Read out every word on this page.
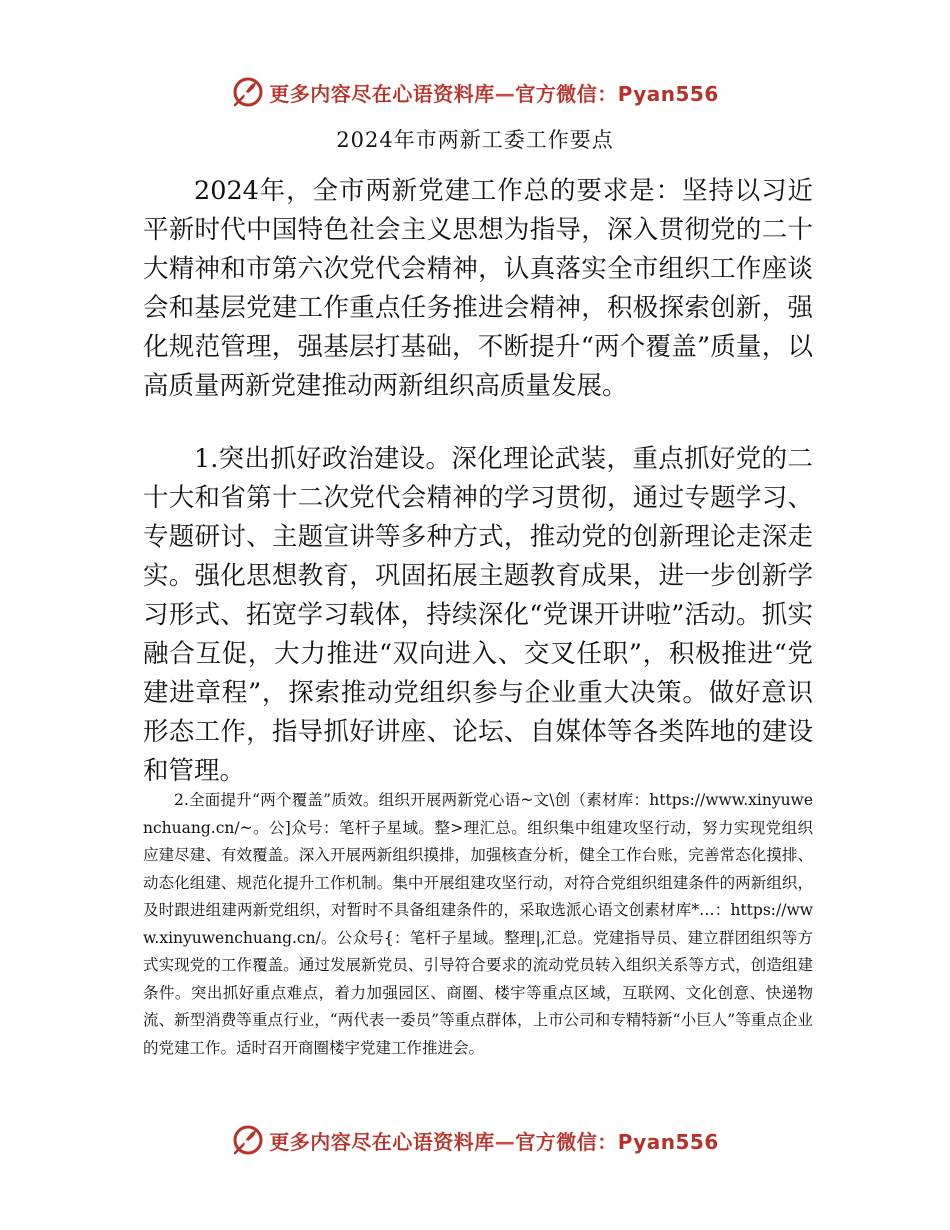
更多内容尽在心语资料库—官方微信：Pyan556
2024年市两新工委工作要点

2024年，全市两新党建工作总的要求是：坚持以习近平新时代中国特色社会主义思想为指导，深入贯彻党的二十大精神和市第六次党代会精神，认真落实全市组织工作座谈会和基层党建工作重点任务推进会精神，积极探索创新，强化规范管理，强基层打基础，不断提升“两个覆盖”质量，以高质量两新党建推动两新组织高质量发展。

1.突出抓好政治建设。深化理论武装，重点抓好党的二十大和省第十二次党代会精神的学习贯彻，通过专题学习、专题研讨、主题宣讲等多种方式，推动党的创新理论走深走实。强化思想教育，巩固拓展主题教育成果，进一步创新学习形式、拓宽学习载体，持续深化“党课开讲啦”活动。抓实融合互促，大力推进“双向进入、交叉任职”，积极推进“党建进章程”，探索推动党组织参与企业重大决策。做好意识形态工作，指导抓好讲座、论坛、自媒体等各类阵地的建设和管理。

2.全面提升“两个覆盖”质效。组织开展两新党心语~文\创（素材库：https://www.xinyuwenchuang.cn/~。公]众号：笔杆子星域。整>理汇总。组织集中组建攻坚行动，努力实现党组织应建尽建、有效覆盖。深入开展两新组织摸排，加强核查分析，健全工作台账，完善常态化摸排、动态化组建、规范化提升工作机制。集中开展组建攻坚行动，对符合党组织组建条件的两新组织，及时跟进组建两新党组织，对暂时不具备组建条件的，采取选派心语文创素材库*…：https://www.xinyuwenchuang.cn/。公众号{：笔杆子星域。整理|,汇总。党建指导员、建立群团组织等方式实现党的工作覆盖。通过发展新党员、引导符合要求的流动党员转入组织关系等方式，创造组建条件。突出抓好重点难点，着力加强园区、商圈、楼宇等重点区域，互联网、文化创意、快递物流、新型消费等重点行业，“两代表一委员”等重点群体，上市公司和专精特新“小巨人”等重点企业的党建工作。适时召开商圈楼宇党建工作推进会。

更多内容尽在心语资料库—官方微信：Pyan556
